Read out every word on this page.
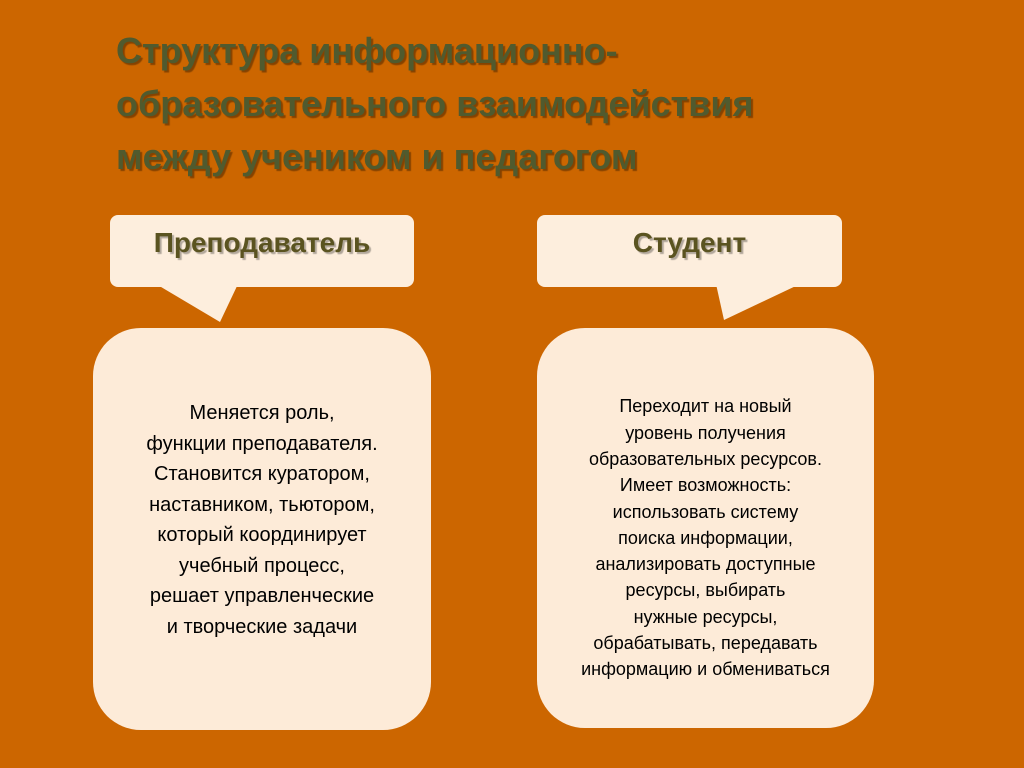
Структура информационно-
образовательного взаимодействия
между учеником и педагогом
Преподаватель	Студент
Меняется роль,
функции преподавателя.
Становится куратором,
наставником, тьютором,
который координирует
учебный процесс,
решает управленческие
и творческие задачи
Переходит на новый
уровень получения
образовательных ресурсов.
Имеет возможность:
использовать систему
поиска информации,
анализировать доступные
ресурсы, выбирать
нужные ресурсы,
обрабатывать, передавать
информацию и обмениваться
